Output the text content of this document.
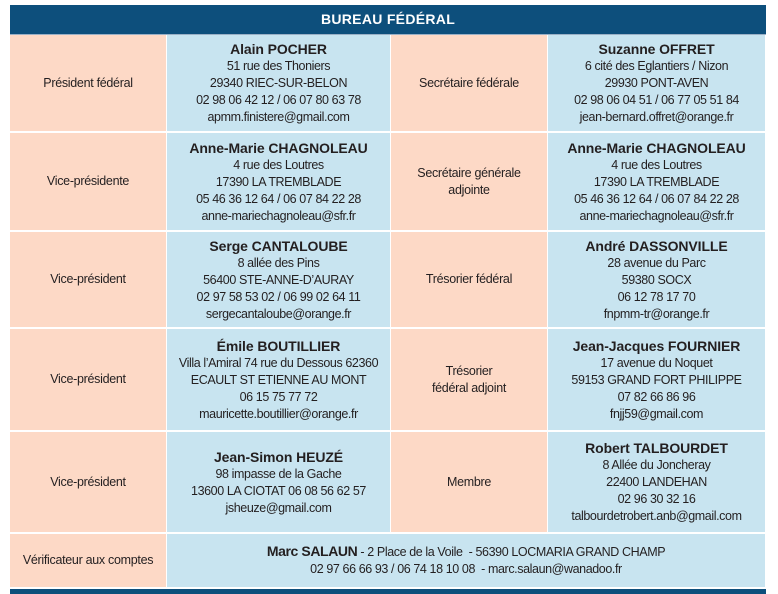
BUREAU FÉDÉRAL
Président fédéral
Alain POCHER
51 rue des Thoniers
29340 RIEC-SUR-BELON
02 98 06 42 12 / 06 07 80 63 78
apmm.finistere@gmail.com
Secrétaire fédérale
Suzanne OFFRET
6 cité des Eglantiers / Nizon
29930 PONT-AVEN
02 98 06 04 51 / 06 77 05 51 84
jean-bernard.offret@orange.fr
Vice-présidente
Anne-Marie CHAGNOLEAU
4 rue des Loutres
17390 LA TREMBLADE
05 46 36 12 64 / 06 07 84 22 28
anne-mariechagnoleau@sfr.fr
Secrétaire générale
adjointe
Anne-Marie CHAGNOLEAU
4 rue des Loutres
17390 LA TREMBLADE
05 46 36 12 64 / 06 07 84 22 28
anne-mariechagnoleau@sfr.fr
Vice-président
Serge CANTALOUBE
8 allée des Pins
56400 STE-ANNE-D’AURAY
02 97 58 53 02 / 06 99 02 64 11
sergecantaloube@orange.fr
Trésorier fédéral
André DASSONVILLE
28 avenue du Parc
59380 SOCX
06 12 78 17 70
fnpmm-tr@orange.fr
Vice-président
Émile BOUTILLIER
Villa l’Amiral 74 rue du Dessous 62360
ECAULT ST ETIENNE AU MONT
06 15 75 77 72
mauricette.boutillier@orange.fr
Trésorier
fédéral adjoint
Jean-Jacques FOURNIER
17 avenue du Noquet
59153 GRAND FORT PHILIPPE
07 82 66 86 96
fnjj59@gmail.com
Vice-président
Jean-Simon HEUZÉ
98 impasse de la Gache
13600 LA CIOTAT 06 08 56 62 57
jsheuze@gmail.com
Membre
Robert TALBOURDET
8 Allée du Joncheray
22400 LANDEHAN
02 96 30 32 16
talbourdetrobert.anb@gmail.com
Vérificateur aux comptes
Marc SALAUN - 2 Place de la Voile  - 56390 LOCMARIA GRAND CHAMP
02 97 66 66 93 / 06 74 18 10 08  - marc.salaun@wanadoo.fr
